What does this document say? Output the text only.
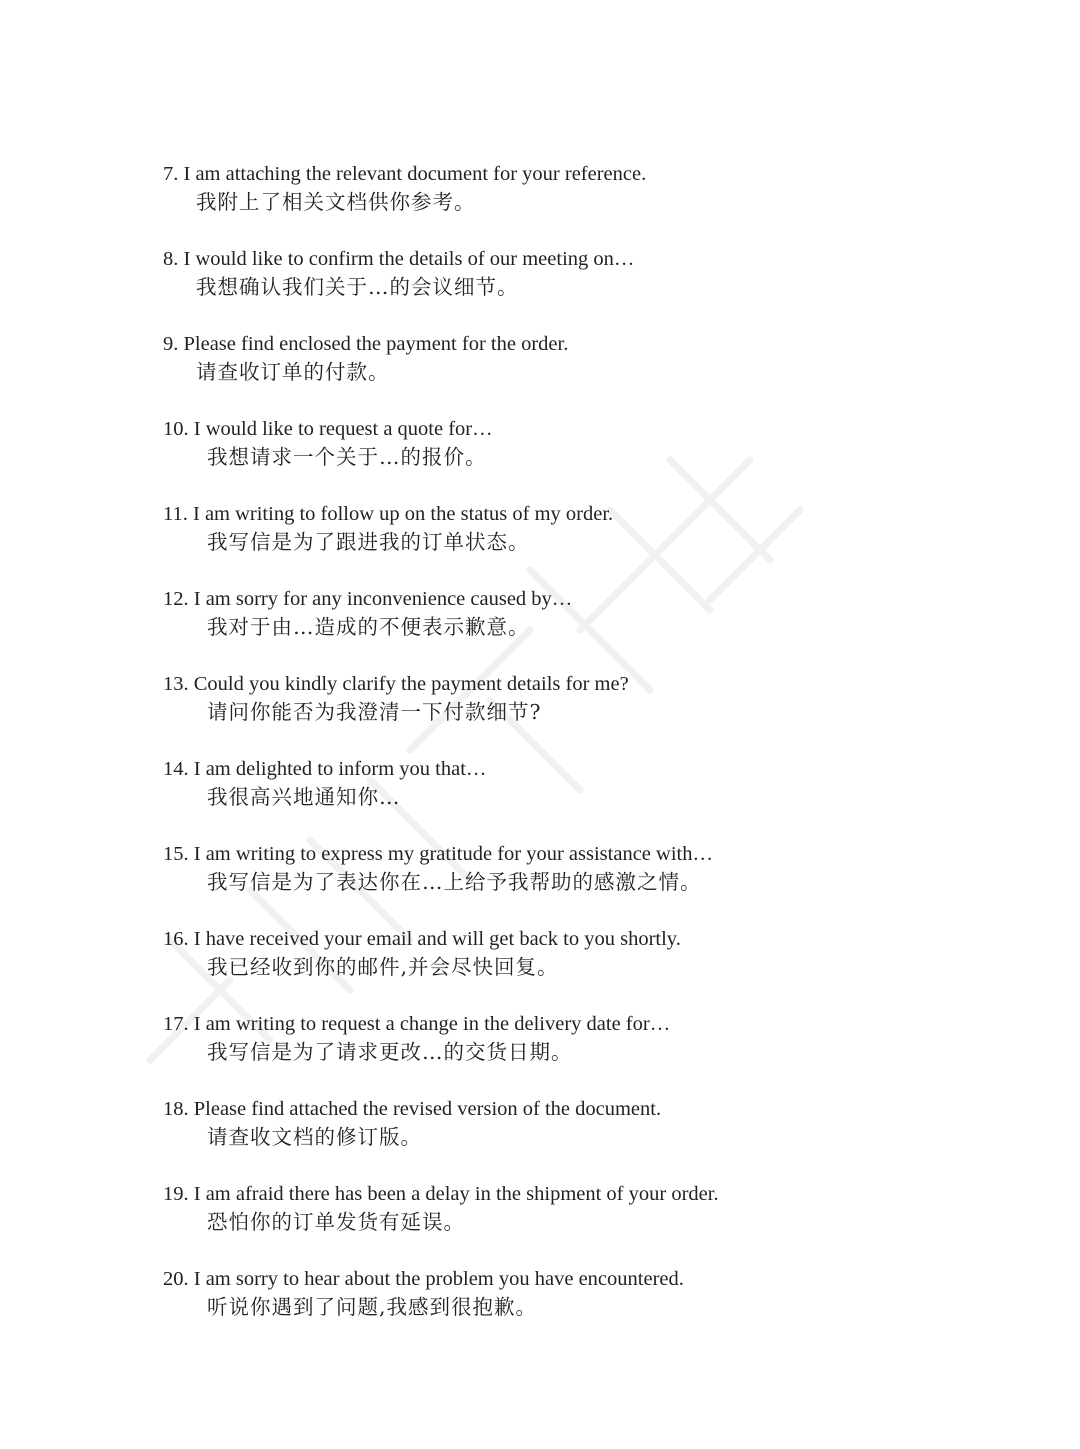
7. I am attaching the relevant document for your reference.
我附上了相关文档供你参考。
8. I would like to confirm the details of our meeting on…
我想确认我们关于…的会议细节。
9. Please find enclosed the payment for the order.
请查收订单的付款。
10. I would like to request a quote for…
我想请求一个关于…的报价。
11. I am writing to follow up on the status of my order.
我写信是为了跟进我的订单状态。
12. I am sorry for any inconvenience caused by…
我对于由…造成的不便表示歉意。
13. Could you kindly clarify the payment details for me?
请问你能否为我澄清一下付款细节?
14. I am delighted to inform you that…
我很高兴地通知你…
15. I am writing to express my gratitude for your assistance with…
我写信是为了表达你在…上给予我帮助的感激之情。
16. I have received your email and will get back to you shortly.
我已经收到你的邮件,并会尽快回复。
17. I am writing to request a change in the delivery date for…
我写信是为了请求更改…的交货日期。
18. Please find attached the revised version of the document.
请查收文档的修订版。
19. I am afraid there has been a delay in the shipment of your order.
恐怕你的订单发货有延误。
20. I am sorry to hear about the problem you have encountered.
听说你遇到了问题,我感到很抱歉。
